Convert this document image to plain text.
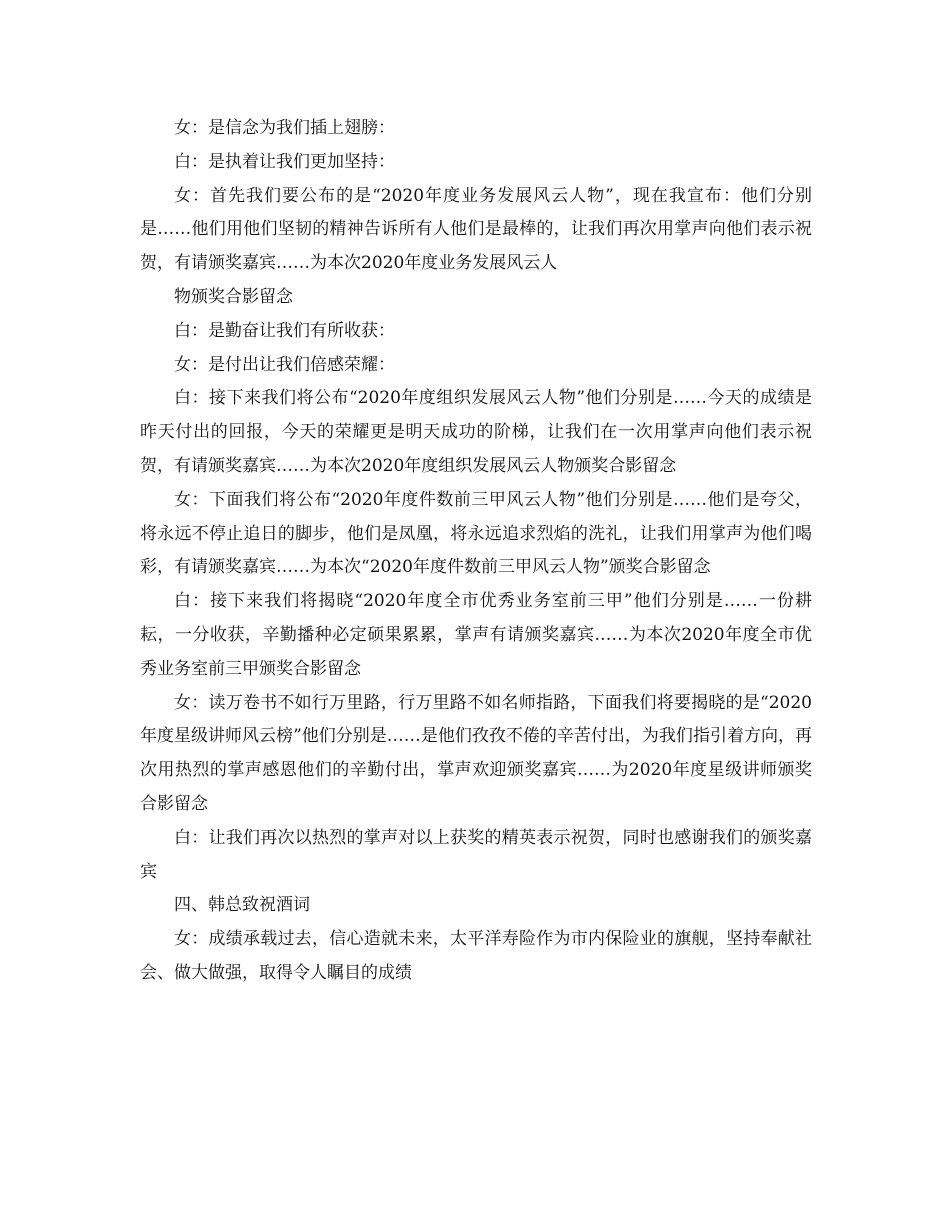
女：是信念为我们插上翅膀：

白：是执着让我们更加坚持：

女：首先我们要公布的是“2020年度业务发展风云人物”，现在我宣布：他们分别是……他们用他们坚韧的精神告诉所有人他们是最棒的，让我们再次用掌声向他们表示祝贺，有请颁奖嘉宾……为本次2020年度业务发展风云人

物颁奖合影留念

白：是勤奋让我们有所收获：

女：是付出让我们倍感荣耀：

白：接下来我们将公布“2020年度组织发展风云人物”他们分别是……今天的成绩是昨天付出的回报，今天的荣耀更是明天成功的阶梯，让我们在一次用掌声向他们表示祝贺，有请颁奖嘉宾……为本次2020年度组织发展风云人物颁奖合影留念

女：下面我们将公布“2020年度件数前三甲风云人物”他们分别是……他们是夸父，将永远不停止追日的脚步，他们是凤凰，将永远追求烈焰的洗礼，让我们用掌声为他们喝彩，有请颁奖嘉宾……为本次“2020年度件数前三甲风云人物”颁奖合影留念

白：接下来我们将揭晓“2020年度全市优秀业务室前三甲”他们分别是……一份耕耘，一分收获，辛勤播种必定硕果累累，掌声有请颁奖嘉宾……为本次2020年度全市优秀业务室前三甲颁奖合影留念

女：读万卷书不如行万里路，行万里路不如名师指路，下面我们将要揭晓的是“2020年度星级讲师风云榜”他们分别是……是他们孜孜不倦的辛苦付出，为我们指引着方向，再次用热烈的掌声感恩他们的辛勤付出，掌声欢迎颁奖嘉宾……为2020年度星级讲师颁奖合影留念

白：让我们再次以热烈的掌声对以上获奖的精英表示祝贺，同时也感谢我们的颁奖嘉宾

四、韩总致祝酒词

女：成绩承载过去，信心造就未来，太平洋寿险作为市内保险业的旗舰，坚持奉献社会、做大做强，取得令人瞩目的成绩
